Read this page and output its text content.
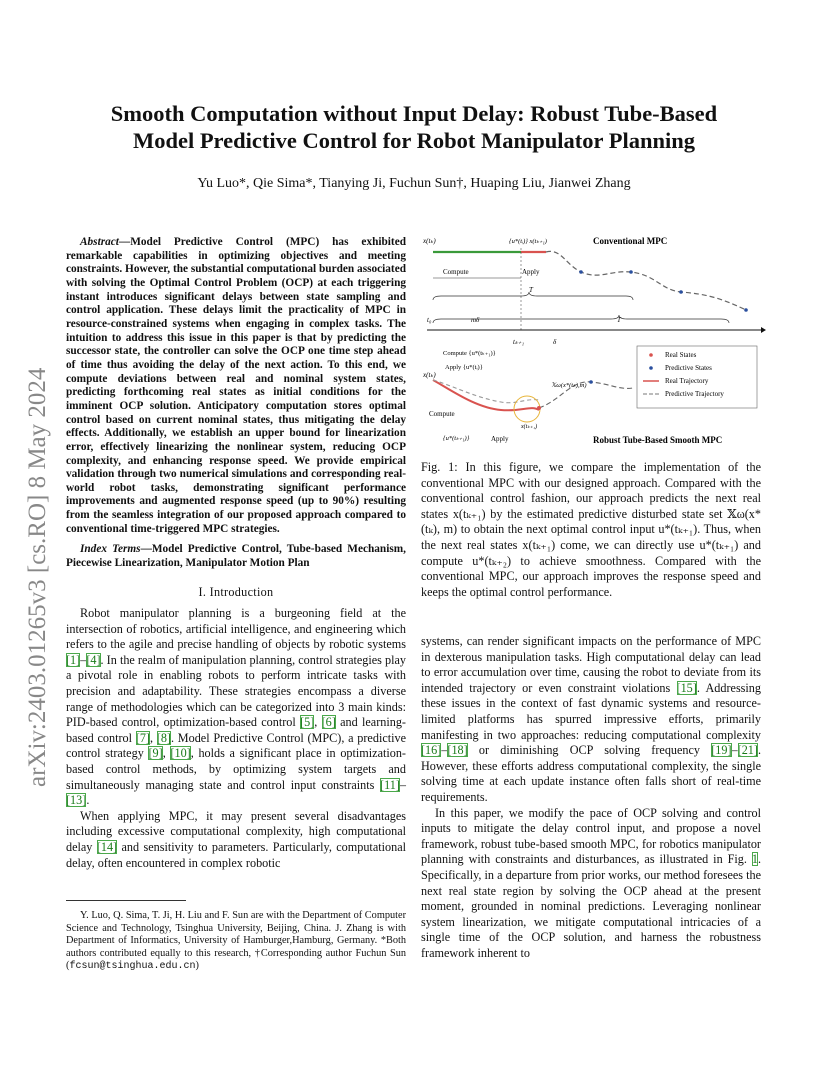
arXiv:2403.01265v3 [cs.RO] 8 May 2024
Smooth Computation without Input Delay: Robust Tube-Based
Model Predictive Control for Robot Manipulator Planning
Yu Luo*, Qie Sima*, Tianying Ji, Fuchun Sun†, Huaping Liu, Jianwei Zhang
Abstract—Model Predictive Control (MPC) has exhibited remarkable capabilities in optimizing objectives and meeting constraints. However, the substantial computational burden associated with solving the Optimal Control Problem (OCP) at each triggering instant introduces significant delays between state sampling and control application. These delays limit the practicality of MPC in resource-constrained systems when engaging in complex tasks. The intuition to address this issue in this paper is that by predicting the successor state, the controller can solve the OCP one time step ahead of time thus avoiding the delay of the next action. To this end, we compute deviations between real and nominal system states, predicting forthcoming real states as initial conditions for the imminent OCP solution. Anticipatory computation stores optimal control based on current nominal states, thus mitigating the delay effects. Additionally, we establish an upper bound for linearization error, effectively linearizing the nonlinear system, reducing OCP complexity, and enhancing response speed. We provide empirical validation through two numerical simulations and corresponding real-world robot tasks, demonstrating significant performance improvements and augmented response speed (up to 90%) resulting from the seamless integration of our proposed approach compared to conventional time-triggered MPC strategies.
Index Terms—Model Predictive Control, Tube-based Mechanism, Piecewise Linearization, Manipulator Motion Plan
I. Introduction

Robot manipulator planning is a burgeoning field at the intersection of robotics, artificial intelligence, and engineering which refers to the agile and precise handling of objects by robotic systems [1]–[4]. In the realm of manipulation planning, control strategies play a pivotal role in enabling robots to perform intricate tasks with precision and adaptability. These strategies encompass a diverse range of methodologies which can be categorized into 3 main kinds: PID-based control, optimization-based control [5], [6] and learning-based control [7], [8]. Model Predictive Control (MPC), a predictive control strategy [9], [10], holds a significant place in optimization-based control methods, by optimizing system targets and simultaneously managing state and control input constraints [11]–[13].

When applying MPC, it may present several disadvantages including excessive computational complexity, high computational delay [14] and sensitivity to parameters. Particularly, computational delay, often encountered in complex robotic

Y. Luo, Q. Sima, T. Ji, H. Liu and F. Sun are with the Department of Computer Science and Technology, Tsinghua University, Beijing, China. J. Zhang is with Department of Informatics, University of Hamburger,Hamburg, Germany. *Both authors contributed equally to this research, †Corresponding author Fuchun Sun (fcsun@tsinghua.edu.cn)

x(tₖ)	{u*(tᵢ)} x(tₖ₊₁)	Conventional MPC
Compute	Apply
T
t₀	mδ
tₖ₊₁	δ
T
Compute {u*(tₖ₊₁)}
Apply {u*(tᵢ)}
x(tₖ)
𝕏ω(x*(tₖ),m)
x(tₖ₊₁)
Compute
{u*(tₖ₊₁)}	Apply	Robust Tube-Based Smooth MPC
Real States
Predictive States
Real Trajectory
Predictive Trajectory
Fig. 1: In this figure, we compare the implementation of the conventional MPC with our designed approach. Compared with the conventional control fashion, our approach predicts the next real states x(tₖ₊₁) by the estimated predictive disturbed state set 𝕏ω(x*(tₖ), m) to obtain the next optimal control input u*(tₖ₊₁). Thus, when the next real states x(tₖ₊₁) come, we can directly use u*(tₖ₊₁) and compute u*(tₖ₊₂) to achieve smoothness. Compared with the conventional MPC, our approach improves the response speed and keeps the optimal control performance.

systems, can render significant impacts on the performance of MPC in dexterous manipulation tasks. High computational delay can lead to error accumulation over time, causing the robot to deviate from its intended trajectory or even constraint violations [15]. Addressing these issues in the context of fast dynamic systems and resource-limited platforms has spurred impressive efforts, primarily manifesting in two approaches: reducing computational complexity [16]–[18] or diminishing OCP solving frequency [19]–[21]. However, these efforts address computational complexity, the single solving time at each update instance often falls short of real-time requirements.

In this paper, we modify the pace of OCP solving and control inputs to mitigate the delay control input, and propose a novel framework, robust tube-based smooth MPC, for robotics manipulator planning with constraints and disturbances, as illustrated in Fig. 1. Specifically, in a departure from prior works, our method foresees the next real state region by solving the OCP ahead at the present moment, grounded in nominal predictions. Leveraging nonlinear system linearization, we mitigate computational intricacies of a single time of the OCP solution, and harness the robustness framework inherent to
